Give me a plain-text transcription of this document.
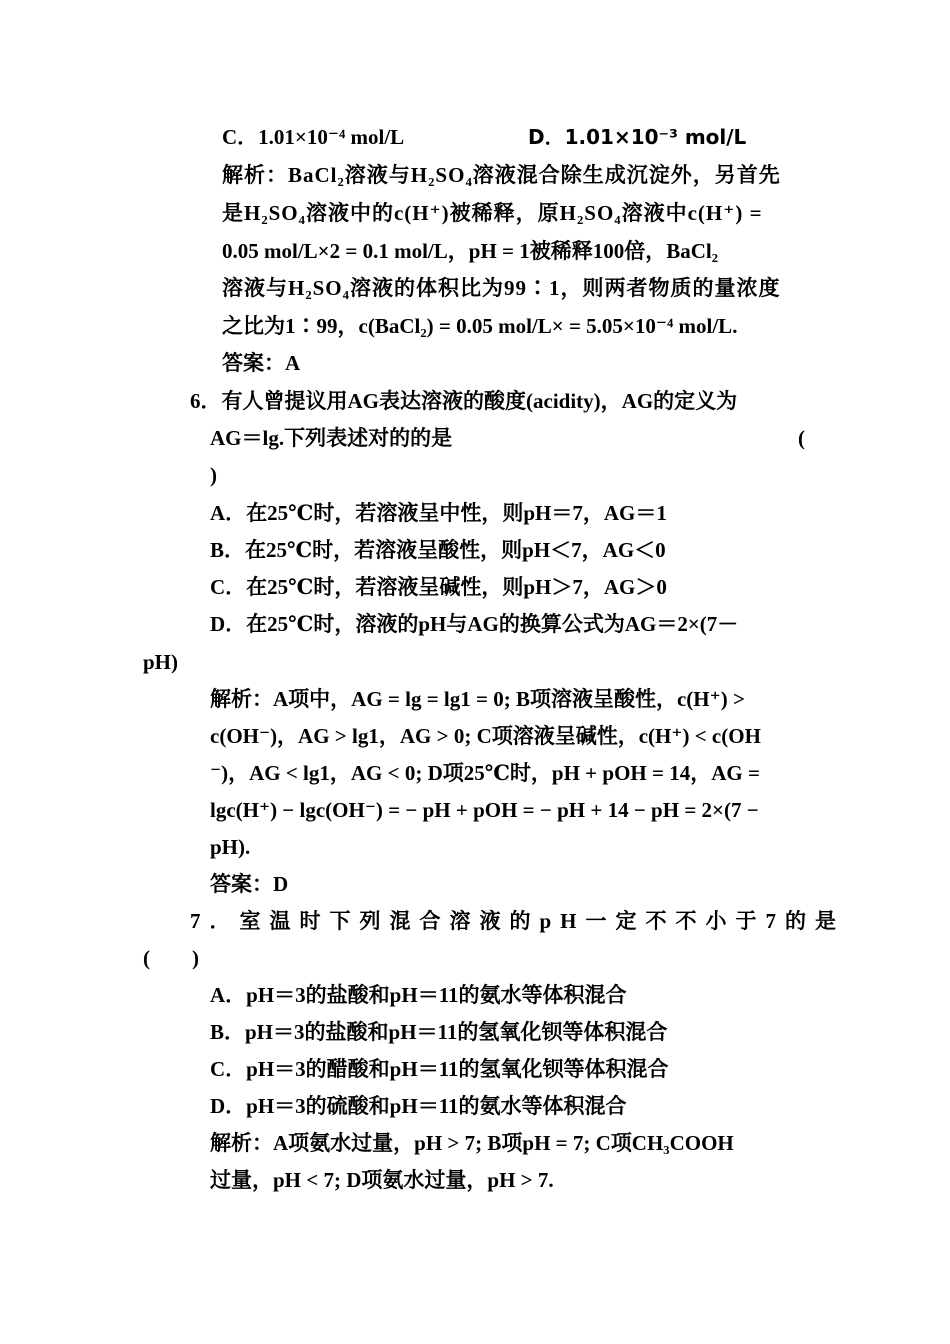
C．1.01×10⁻⁴ mol/L	D．1.01×10⁻³ mol/L
解析：BaCl₂溶液与H₂SO₄溶液混合除生成沉淀外，另首先
是H₂SO₄溶液中的c(H⁺)被稀释，原H₂SO₄溶液中c(H⁺) =
0.05 mol/L×2 = 0.1 mol/L，pH = 1被稀释100倍，BaCl₂
溶液与H₂SO₄溶液的体积比为99∶1，则两者物质的量浓度
之比为1∶99，c(BaCl₂) = 0.05 mol/L× = 5.05×10⁻⁴ mol/L.
答案：A
6．有人曾提议用AG表达溶液的酸度(acidity)，AG的定义为
AG＝lg.下列表述对的的是	(
)
A．在25℃时，若溶液呈中性，则pH＝7，AG＝1
B．在25℃时，若溶液呈酸性，则pH＜7，AG＜0
C．在25℃时，若溶液呈碱性，则pH＞7，AG＞0
D．在25℃时，溶液的pH与AG的换算公式为AG＝2×(7－
pH)
解析：A项中，AG = lg = lg1 = 0; B项溶液呈酸性，c(H⁺) >
c(OH⁻)，AG > lg1，AG > 0; C项溶液呈碱性，c(H⁺) < c(OH
⁻)，AG < lg1，AG < 0; D项25℃时，pH + pOH = 14，AG =
lgc(H⁺) − lgc(OH⁻) = − pH + pOH = − pH + 14 − pH = 2×(7 −
pH).
答案：D
7．室温时下列混合溶液的pH一定不不小于7的是
(　　)
A．pH＝3的盐酸和pH＝11的氨水等体积混合
B．pH＝3的盐酸和pH＝11的氢氧化钡等体积混合
C．pH＝3的醋酸和pH＝11的氢氧化钡等体积混合
D．pH＝3的硫酸和pH＝11的氨水等体积混合
解析：A项氨水过量，pH > 7; B项pH = 7; C项CH₃COOH
过量，pH < 7; D项氨水过量，pH > 7.
